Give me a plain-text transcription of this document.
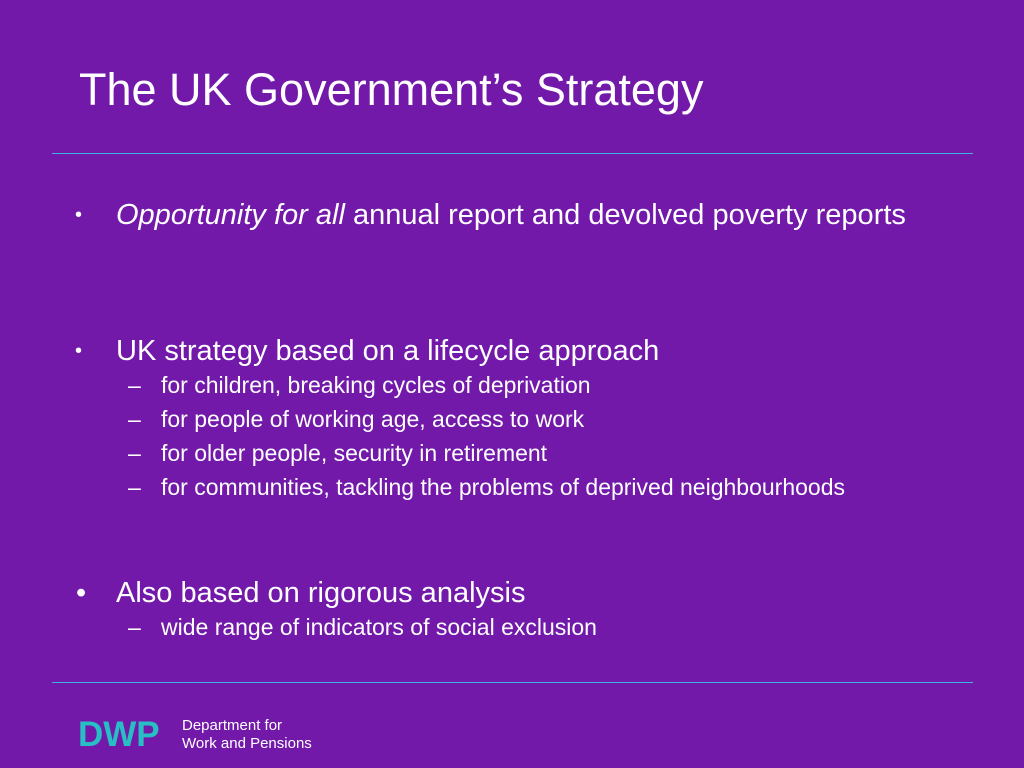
The UK Government’s Strategy
• Opportunity for all annual report and devolved poverty reports
• UK strategy based on a lifecycle approach
– for children, breaking cycles of deprivation
– for people of working age, access to work
– for older people, security in retirement
– for communities, tackling the problems of deprived neighbourhoods
• Also based on rigorous analysis
– wide range of indicators of social exclusion
DWP Department for
Work and Pensions
